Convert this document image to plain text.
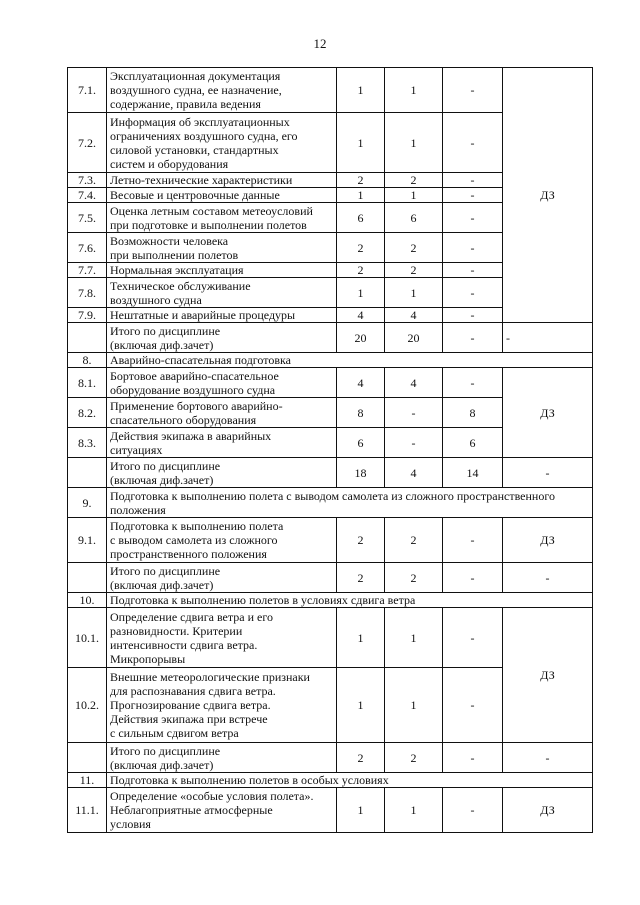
12
7.1.	Эксплуатационная документация
воздушного судна, ее назначение,
содержание, правила ведения	1	1	-	ДЗ
7.2.	Информация об эксплуатационных
ограничениях воздушного судна, его
силовой установки, стандартных
систем и оборудования	1	1	-	
7.3.	Летно-технические характеристики	2	2	-	
7.4.	Весовые и центровочные данные	1	1	-	
7.5.	Оценка летным составом метеоусловий
при подготовке и выполнении полетов	6	6	-	
7.6.	Возможности человека
при выполнении полетов	2	2	-	
7.7.	Нормальная эксплуатация	2	2	-	
7.8.	Техническое обслуживание
воздушного судна	1	1	-	
7.9.	Нештатные и аварийные процедуры	4	4	-	
	Итого по дисциплине
(включая диф.зачет)	20	20	-	-
8.	Аварийно-спасательная подготовка				
8.1.	Бортовое аварийно-спасательное
оборудование воздушного судна	4	4	-	ДЗ
8.2.	Применение бортового аварийно-
спасательного оборудования	8	-	8	
8.3.	Действия экипажа в аварийных
ситуациях	6	-	6	
	Итого по дисциплине
(включая диф.зачет)	18	4	14	-
9.	Подготовка к выполнению полета с выводом самолета из сложного пространственного
положения				
9.1.	Подготовка к выполнению полета
с выводом самолета из сложного
пространственного положения	2	2	-	ДЗ
	Итого по дисциплине
(включая диф.зачет)	2	2	-	-
10.	Подготовка к выполнению полетов в условиях сдвига ветра				
10.1.	Определение сдвига ветра и его
разновидности. Критерии
интенсивности сдвига ветра.
Микропорывы	1	1	-	ДЗ
10.2.	Внешние метеорологические признаки
для распознавания сдвига ветра.
Прогнозирование сдвига ветра.
Действия экипажа при встрече
с сильным сдвигом ветра	1	1	-	
	Итого по дисциплине
(включая диф.зачет)	2	2	-	-
11.	Подготовка к выполнению полетов в особых условиях				
11.1.	Определение «особые условия полета».
Неблагоприятные атмосферные
условия	1	1	-	ДЗ
